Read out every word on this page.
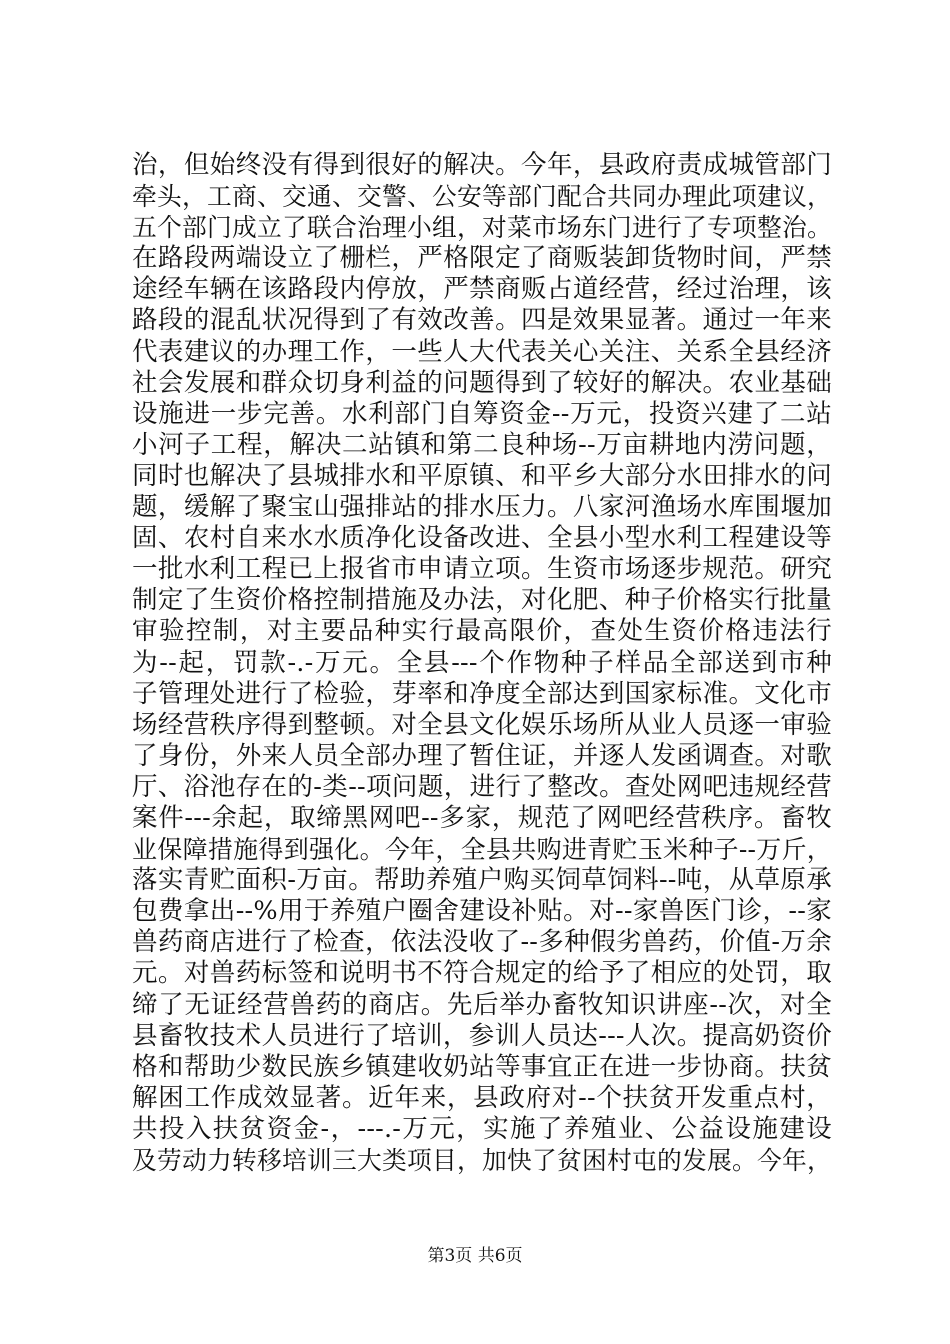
治，但始终没有得到很好的解决。今年，县政府责成城管部门
牵头，工商、交通、交警、公安等部门配合共同办理此项建议，
五个部门成立了联合治理小组，对菜市场东门进行了专项整治。
在路段两端设立了栅栏，严格限定了商贩装卸货物时间，严禁
途经车辆在该路段内停放，严禁商贩占道经营，经过治理，该
路段的混乱状况得到了有效改善。四是效果显著。通过一年来
代表建议的办理工作，一些人大代表关心关注、关系全县经济
社会发展和群众切身利益的问题得到了较好的解决。农业基础
设施进一步完善。水利部门自筹资金--万元，投资兴建了二站
小河子工程，解决二站镇和第二良种场--万亩耕地内涝问题，
同时也解决了县城排水和平原镇、和平乡大部分水田排水的问
题，缓解了聚宝山强排站的排水压力。八家河渔场水库围堰加
固、农村自来水水质净化设备改进、全县小型水利工程建设等
一批水利工程已上报省市申请立项。生资市场逐步规范。研究
制定了生资价格控制措施及办法，对化肥、种子价格实行批量
审验控制，对主要品种实行最高限价，查处生资价格违法行
为--起，罚款-.-万元。全县---个作物种子样品全部送到市种
子管理处进行了检验，芽率和净度全部达到国家标准。文化市
场经营秩序得到整顿。对全县文化娱乐场所从业人员逐一审验
了身份，外来人员全部办理了暂住证，并逐人发函调查。对歌
厅、浴池存在的-类--项问题，进行了整改。查处网吧违规经营
案件---余起，取缔黑网吧--多家，规范了网吧经营秩序。畜牧
业保障措施得到强化。今年，全县共购进青贮玉米种子--万斤，
落实青贮面积-万亩。帮助养殖户购买饲草饲料--吨，从草原承
包费拿出--%用于养殖户圈舍建设补贴。对--家兽医门诊，--家
兽药商店进行了检查，依法没收了--多种假劣兽药，价值-万余
元。对兽药标签和说明书不符合规定的给予了相应的处罚，取
缔了无证经营兽药的商店。先后举办畜牧知识讲座--次，对全
县畜牧技术人员进行了培训，参训人员达---人次。提高奶资价
格和帮助少数民族乡镇建收奶站等事宜正在进一步协商。扶贫
解困工作成效显著。近年来，县政府对--个扶贫开发重点村，
共投入扶贫资金-，---.-万元，实施了养殖业、公益设施建设
及劳动力转移培训三大类项目，加快了贫困村屯的发展。今年，
第3页 共6页
